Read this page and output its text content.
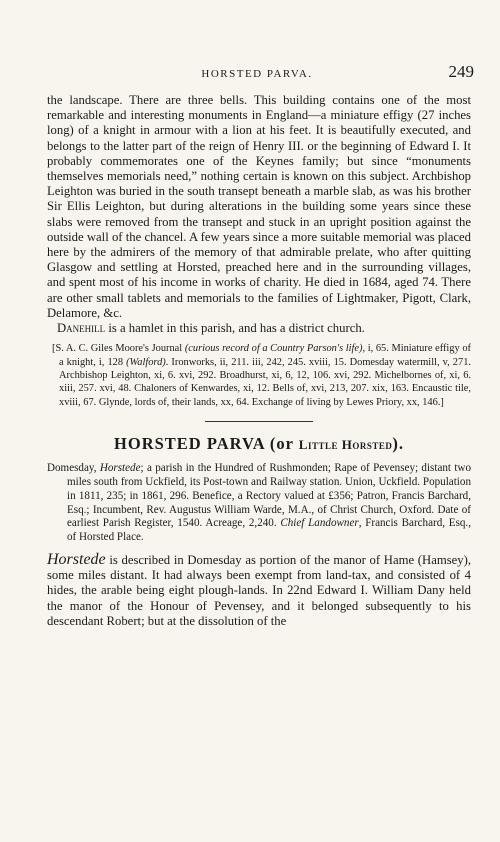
HORSTED PARVA.	249

the landscape. There are three bells. This building contains one of the most remarkable and interesting monuments in England—a miniature effigy (27 inches long) of a knight in armour with a lion at his feet. It is beautifully executed, and belongs to the latter part of the reign of Henry III. or the beginning of Edward I. It probably commemorates one of the Keynes family; but since “monuments themselves memorials need,” nothing certain is known on this subject. Archbishop Leighton was buried in the south transept beneath a marble slab, as was his brother Sir Ellis Leighton, but during alterations in the building some years since these slabs were removed from the transept and stuck in an upright position against the outside wall of the chancel. A few years since a more suitable memorial was placed here by the admirers of the memory of that admirable prelate, who after quitting Glasgow and settling at Horsted, preached here and in the surrounding villages, and spent most of his income in works of charity. He died in 1684, aged 74. There are other small tablets and memorials to the families of Lightmaker, Pigott, Clark, Delamore, &c.

Danehill is a hamlet in this parish, and has a district church.

[S. A. C. Giles Moore's Journal (curious record of a Country Parson's life), i, 65. Miniature effigy of a knight, i, 128 (Walford). Ironworks, ii, 211. iii, 242, 245. xviii, 15. Domesday watermill, v, 271. Archbishop Leighton, xi, 6. xvi, 292. Broadhurst, xi, 6, 12, 106. xvi, 292. Michelbornes of, xi, 6. xiii, 257. xvi, 48. Chaloners of Kenwardes, xi, 12. Bells of, xvi, 213, 207. xix, 163. Encaustic tile, xviii, 67. Glynde, lords of, their lands, xx, 64. Exchange of living by Lewes Priory, xx, 146.]

HORSTED PARVA (or Little Horsted).

Domesday, Horstede; a parish in the Hundred of Rushmonden; Rape of Pevensey; distant two miles south from Uckfield, its Post-town and Railway station. Union, Uckfield. Population in 1811, 235; in 1861, 296. Benefice, a Rectory valued at £356; Patron, Francis Barchard, Esq.; Incumbent, Rev. Augustus William Warde, M.A., of Christ Church, Oxford. Date of earliest Parish Register, 1540. Acreage, 2,240. Chief Landowner, Francis Barchard, Esq., of Horsted Place.

Horstede is described in Domesday as portion of the manor of Hame (Hamsey), some miles distant. It had always been exempt from land-tax, and consisted of 4 hides, the arable being eight plough-lands. In 22nd Edward I. William Dany held the manor of the Honour of Pevensey, and it belonged subsequently to his descendant Robert; but at the dissolution of the
